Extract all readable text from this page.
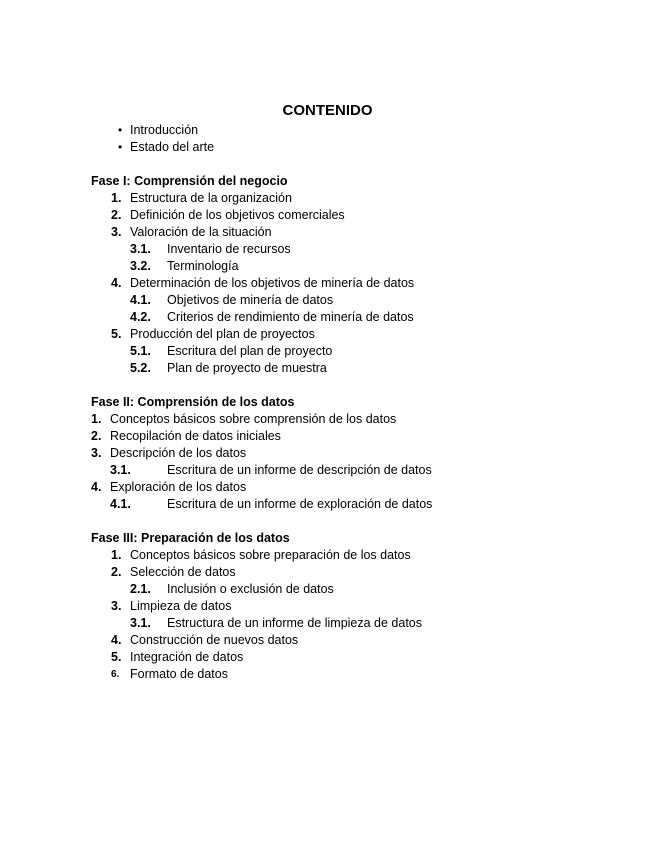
CONTENIDO
• Introducción
• Estado del arte
Fase I: Comprensión del negocio
1. Estructura de la organización
2. Definición de los objetivos comerciales
3. Valoración de la situación
3.1. Inventario de recursos
3.2. Terminología
4. Determinación de los objetivos de minería de datos
4.1. Objetivos de minería de datos
4.2. Criterios de rendimiento de minería de datos
5. Producción del plan de proyectos
5.1. Escritura del plan de proyecto
5.2. Plan de proyecto de muestra
Fase II: Comprensión de los datos
1. Conceptos básicos sobre comprensión de los datos
2. Recopilación de datos iniciales
3. Descripción de los datos
3.1.	Escritura de un informe de descripción de datos
4. Exploración de los datos
4.1.	Escritura de un informe de exploración de datos
Fase III: Preparación de los datos
1. Conceptos básicos sobre preparación de los datos
2. Selección de datos
2.1. Inclusión o exclusión de datos
3. Limpieza de datos
3.1. Estructura de un informe de limpieza de datos
4. Construcción de nuevos datos
5. Integración de datos
6. Formato de datos
